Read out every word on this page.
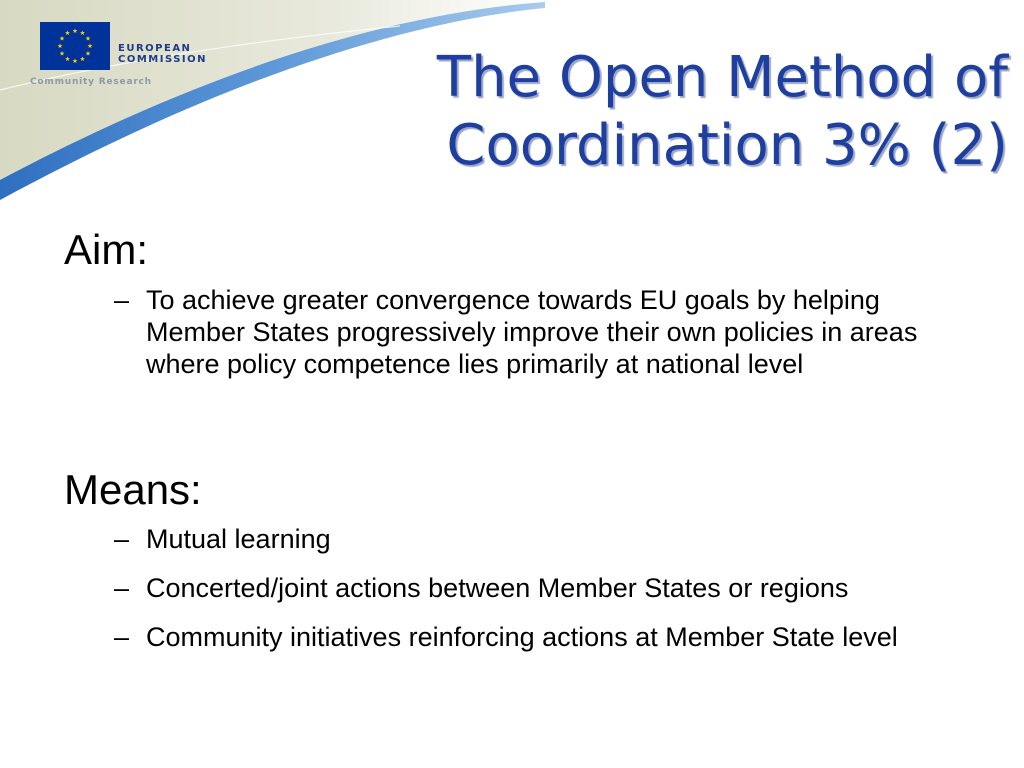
EUROPEAN
COMMISSION
Community Research	The Open Method of
Coordination 3% (2)
Aim:
– To achieve greater convergence towards EU goals by helping Member States progressively improve their own policies in areas where policy competence lies primarily at national level
Means:
– Mutual learning
– Concerted/joint actions between Member States or regions
– Community initiatives reinforcing actions at Member State level
